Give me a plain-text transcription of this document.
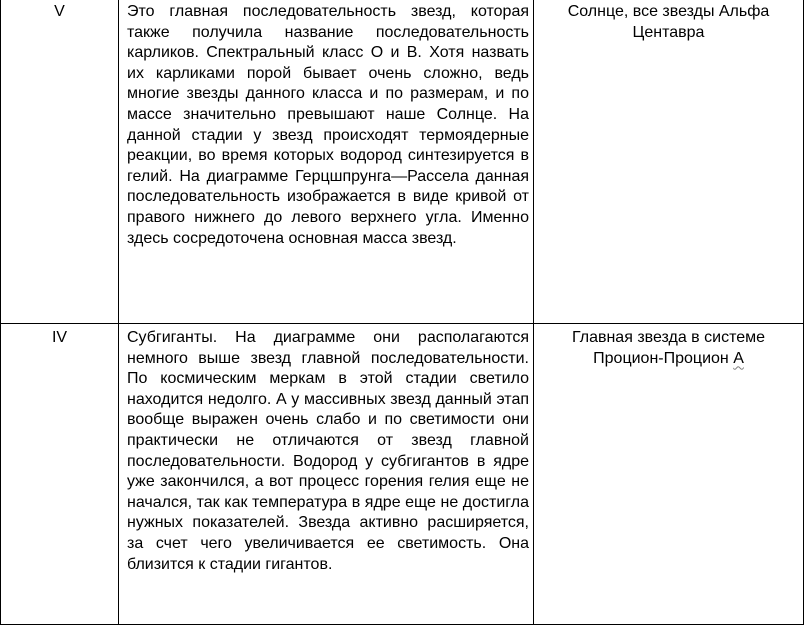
V	Это главная последовательность звезд, которая также получила название последовательность карликов. Спектральный класс О и В. Хотя назвать их карликами порой бывает очень сложно, ведь многие звезды данного класса и по размерам, и по массе значительно превышают наше Солнце. На данной стадии у звезд происходят термоядерные реакции, во время которых водород синтезируется в гелий. На диаграмме Герцшпрунга—Рассела данная последовательность изображается в виде кривой от правого нижнего до левого верхнего угла. Именно здесь сосредоточена основная масса звезд.	Солнце, все звезды Альфа Центавра
IV	Субгиганты. На диаграмме они располагаются немного выше звезд главной последовательности. По космическим меркам в этой стадии светило находится недолго. А у массивных звезд данный этап вообще выражен очень слабо и по светимости они практически не отличаются от звезд главной последовательности. Водород у субгигантов в ядре уже закончился, а вот процесс горения гелия еще не начался, так как температура в ядре еще не достигла нужных показателей. Звезда активно расширяется, за счет чего увеличивается ее светимость. Она близится к стадии гигантов.	Главная звезда в системе Процион-Процион А
